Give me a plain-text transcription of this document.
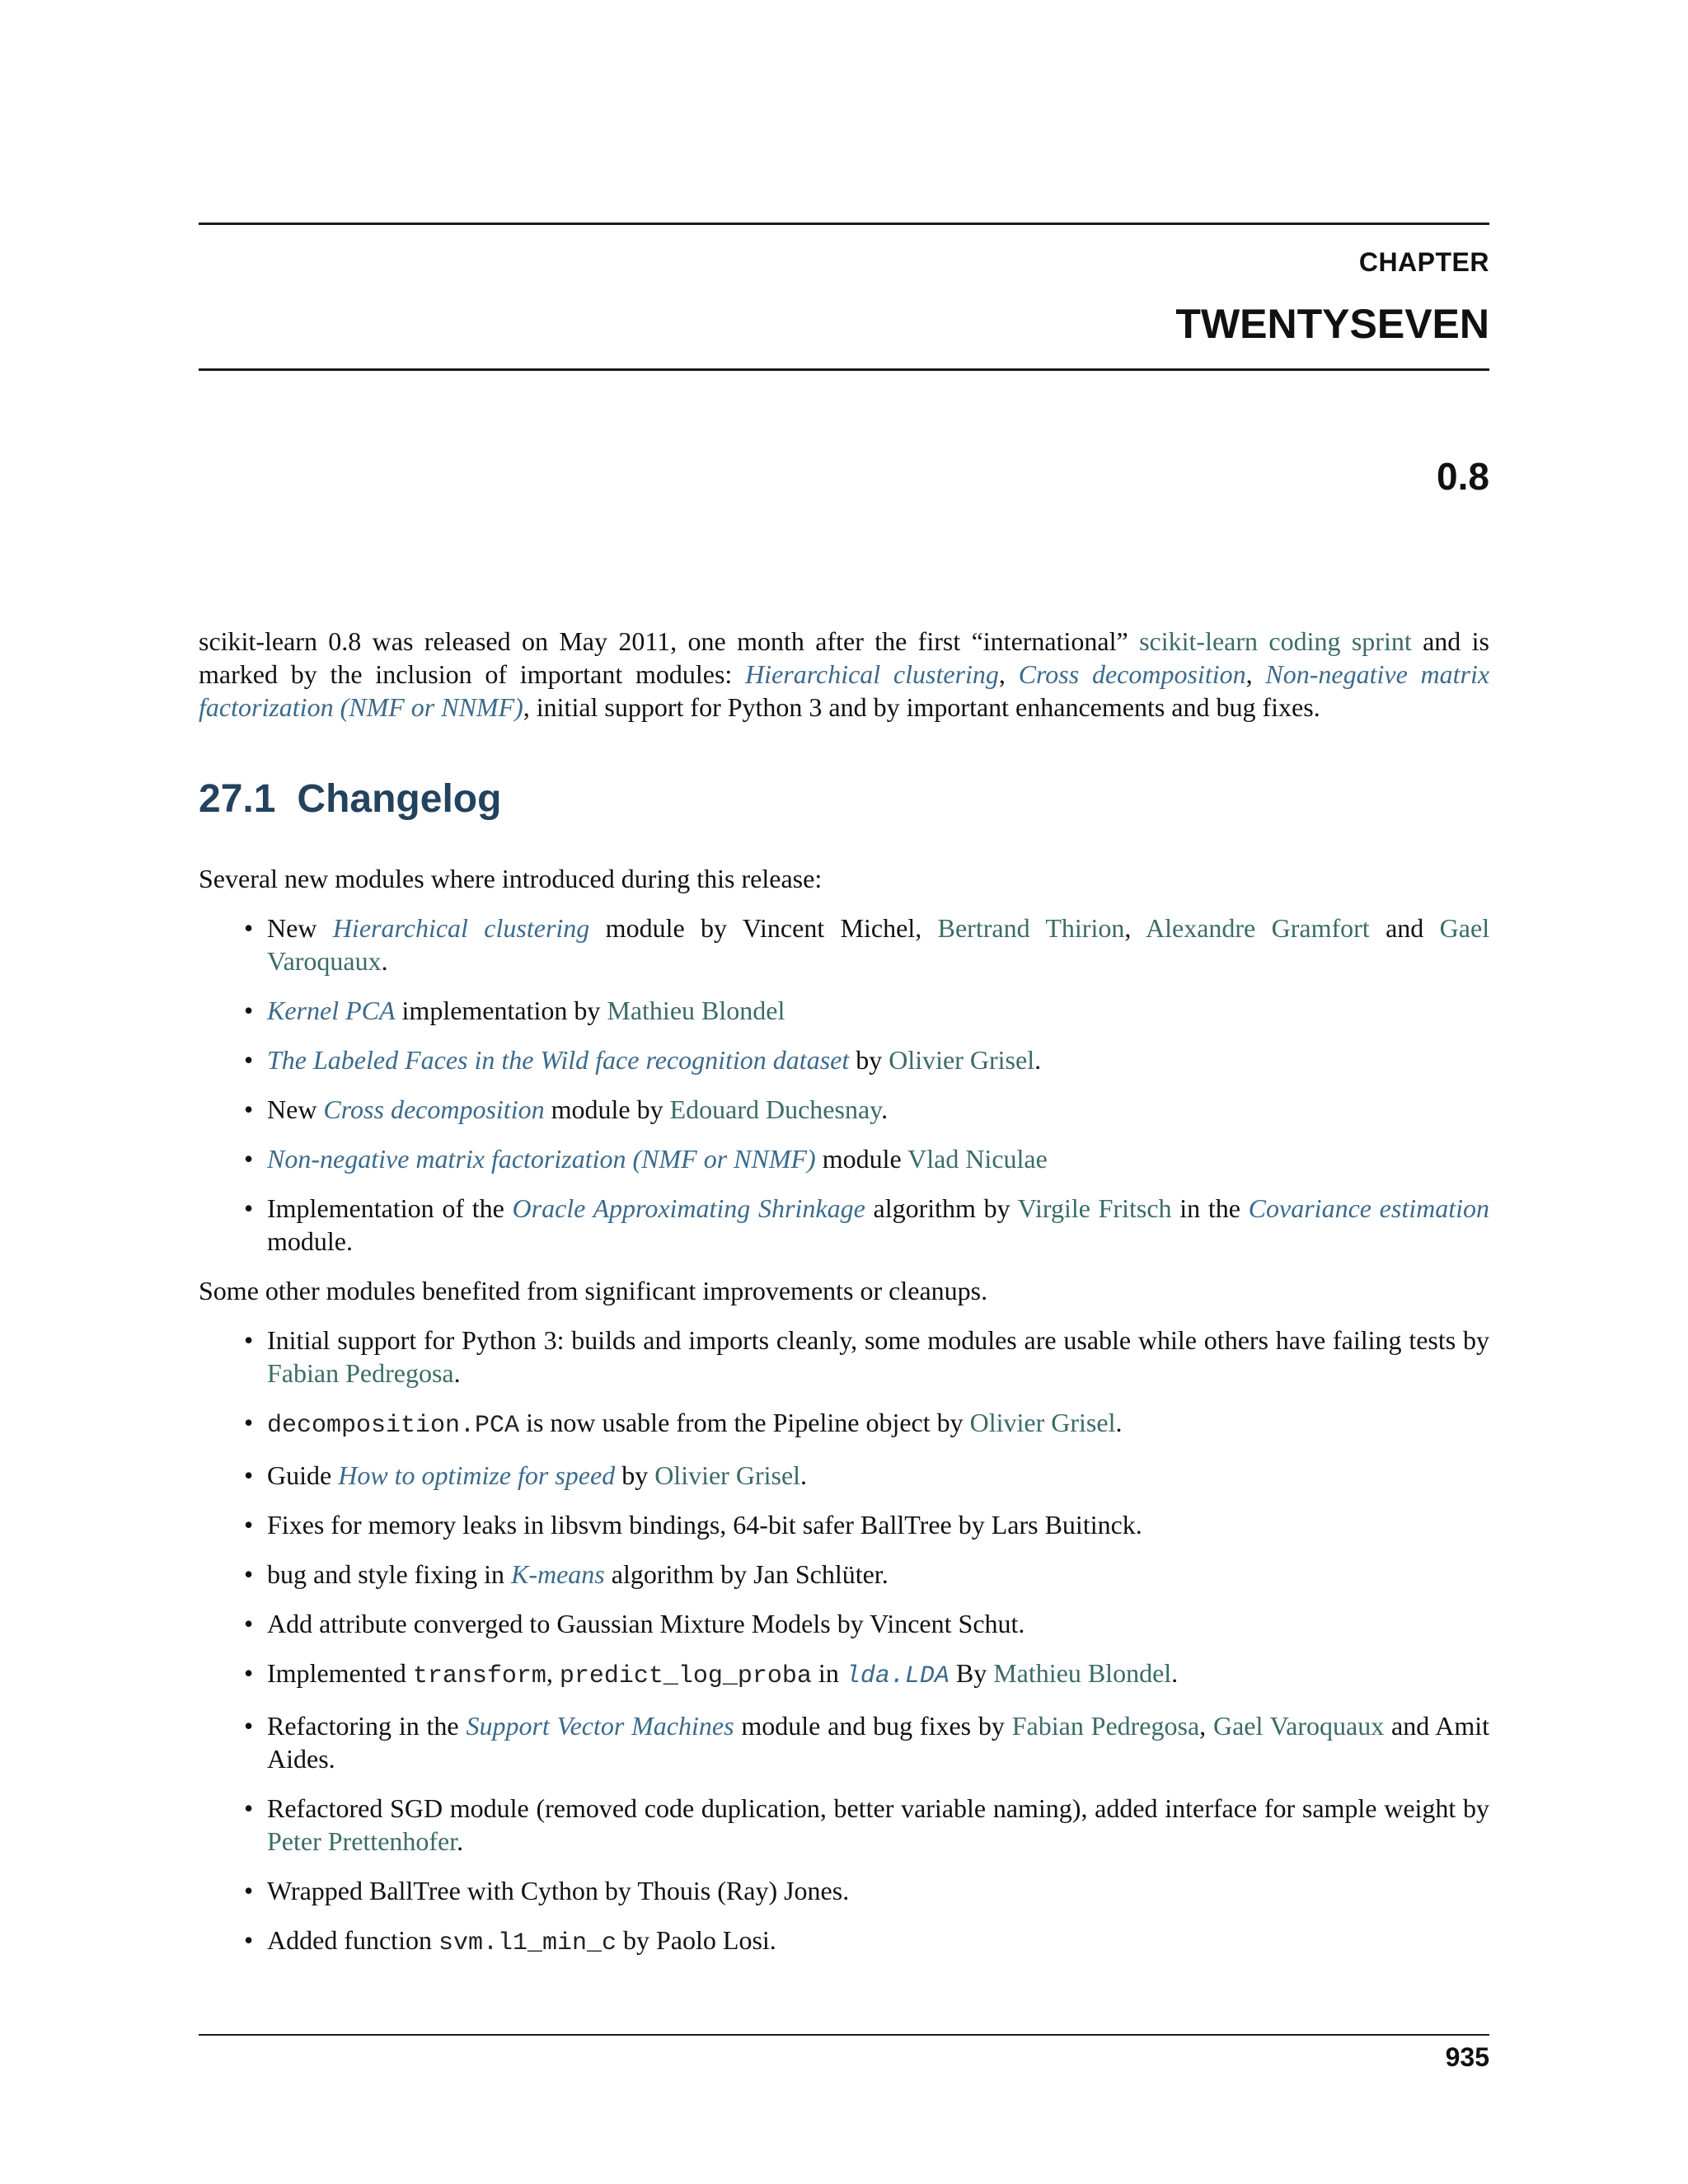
CHAPTER
TWENTYSEVEN
0.8

scikit-learn 0.8 was released on May 2011, one month after the first “international” scikit-learn coding sprint and is marked by the inclusion of important modules: Hierarchical clustering, Cross decomposition, Non-negative matrix factorization (NMF or NNMF), initial support for Python 3 and by important enhancements and bug fixes.

27.1 Changelog

Several new modules where introduced during this release:

• New Hierarchical clustering module by Vincent Michel, Bertrand Thirion, Alexandre Gramfort and Gael Varoquaux.
• Kernel PCA implementation by Mathieu Blondel
• The Labeled Faces in the Wild face recognition dataset by Olivier Grisel.
• New Cross decomposition module by Edouard Duchesnay.
• Non-negative matrix factorization (NMF or NNMF) module Vlad Niculae
• Implementation of the Oracle Approximating Shrinkage algorithm by Virgile Fritsch in the Covariance estimation module.

Some other modules benefited from significant improvements or cleanups.

• Initial support for Python 3: builds and imports cleanly, some modules are usable while others have failing tests by Fabian Pedregosa.
• decomposition.PCA is now usable from the Pipeline object by Olivier Grisel.
• Guide How to optimize for speed by Olivier Grisel.
• Fixes for memory leaks in libsvm bindings, 64-bit safer BallTree by Lars Buitinck.
• bug and style fixing in K-means algorithm by Jan Schlüter.
• Add attribute converged to Gaussian Mixture Models by Vincent Schut.
• Implemented transform, predict_log_proba in lda.LDA By Mathieu Blondel.
• Refactoring in the Support Vector Machines module and bug fixes by Fabian Pedregosa, Gael Varoquaux and Amit Aides.
• Refactored SGD module (removed code duplication, better variable naming), added interface for sample weight by Peter Prettenhofer.
• Wrapped BallTree with Cython by Thouis (Ray) Jones.
• Added function svm.l1_min_c by Paolo Losi.
935
